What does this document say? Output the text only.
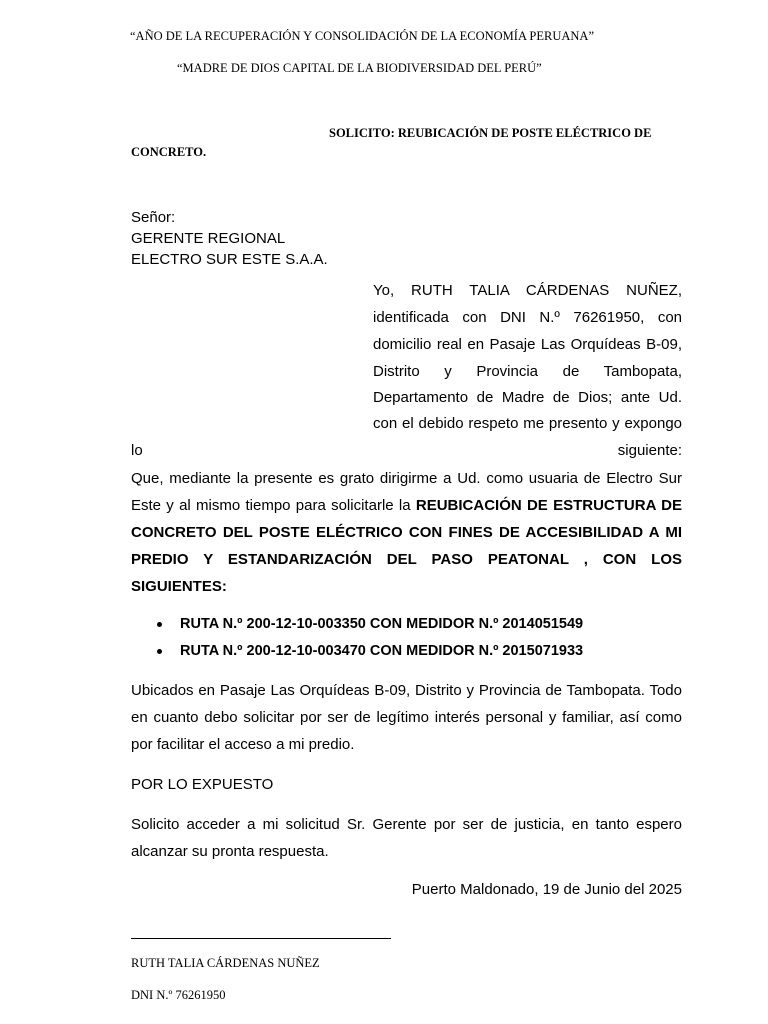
“AÑO DE LA RECUPERACIÓN Y CONSOLIDACIÓN DE LA ECONOMÍA PERUANA”
“MADRE DE DIOS CAPITAL DE LA BIODIVERSIDAD DEL PERÚ”
SOLICITO: REUBICACIÓN DE POSTE ELÉCTRICO DE
CONCRETO.
Señor:
GERENTE REGIONAL
ELECTRO SUR ESTE S.A.A.
Yo, RUTH TALIA CÁRDENAS NUÑEZ,
identificada con DNI N.º 76261950, con
domicilio real en Pasaje Las Orquídeas B-09,
Distrito y Provincia de Tambopata,
Departamento de Madre de Dios; ante Ud.
con el debido respeto me presento y expongo
lo	siguiente:
Que, mediante la presente es grato dirigirme a Ud. como usuaria de Electro Sur Este y al mismo tiempo para solicitarle la REUBICACIÓN DE ESTRUCTURA DE CONCRETO DEL POSTE ELÉCTRICO CON FINES DE ACCESIBILIDAD A MI PREDIO Y ESTANDARIZACIÓN DEL PASO PEATONAL , CON LOS SIGUIENTES:
RUTA N.º 200-12-10-003350 CON MEDIDOR N.º 2014051549
RUTA N.º 200-12-10-003470 CON MEDIDOR N.º 2015071933
Ubicados en Pasaje Las Orquídeas B-09, Distrito y Provincia de Tambopata. Todo en cuanto debo solicitar por ser de legítimo interés personal y familiar, así como por facilitar el acceso a mi predio.
POR LO EXPUESTO
Solicito acceder a mi solicitud Sr. Gerente por ser de justicia, en tanto espero alcanzar su pronta respuesta.
Puerto Maldonado, 19 de Junio del 2025
RUTH TALIA CÁRDENAS NUÑEZ
DNI N.º 76261950
